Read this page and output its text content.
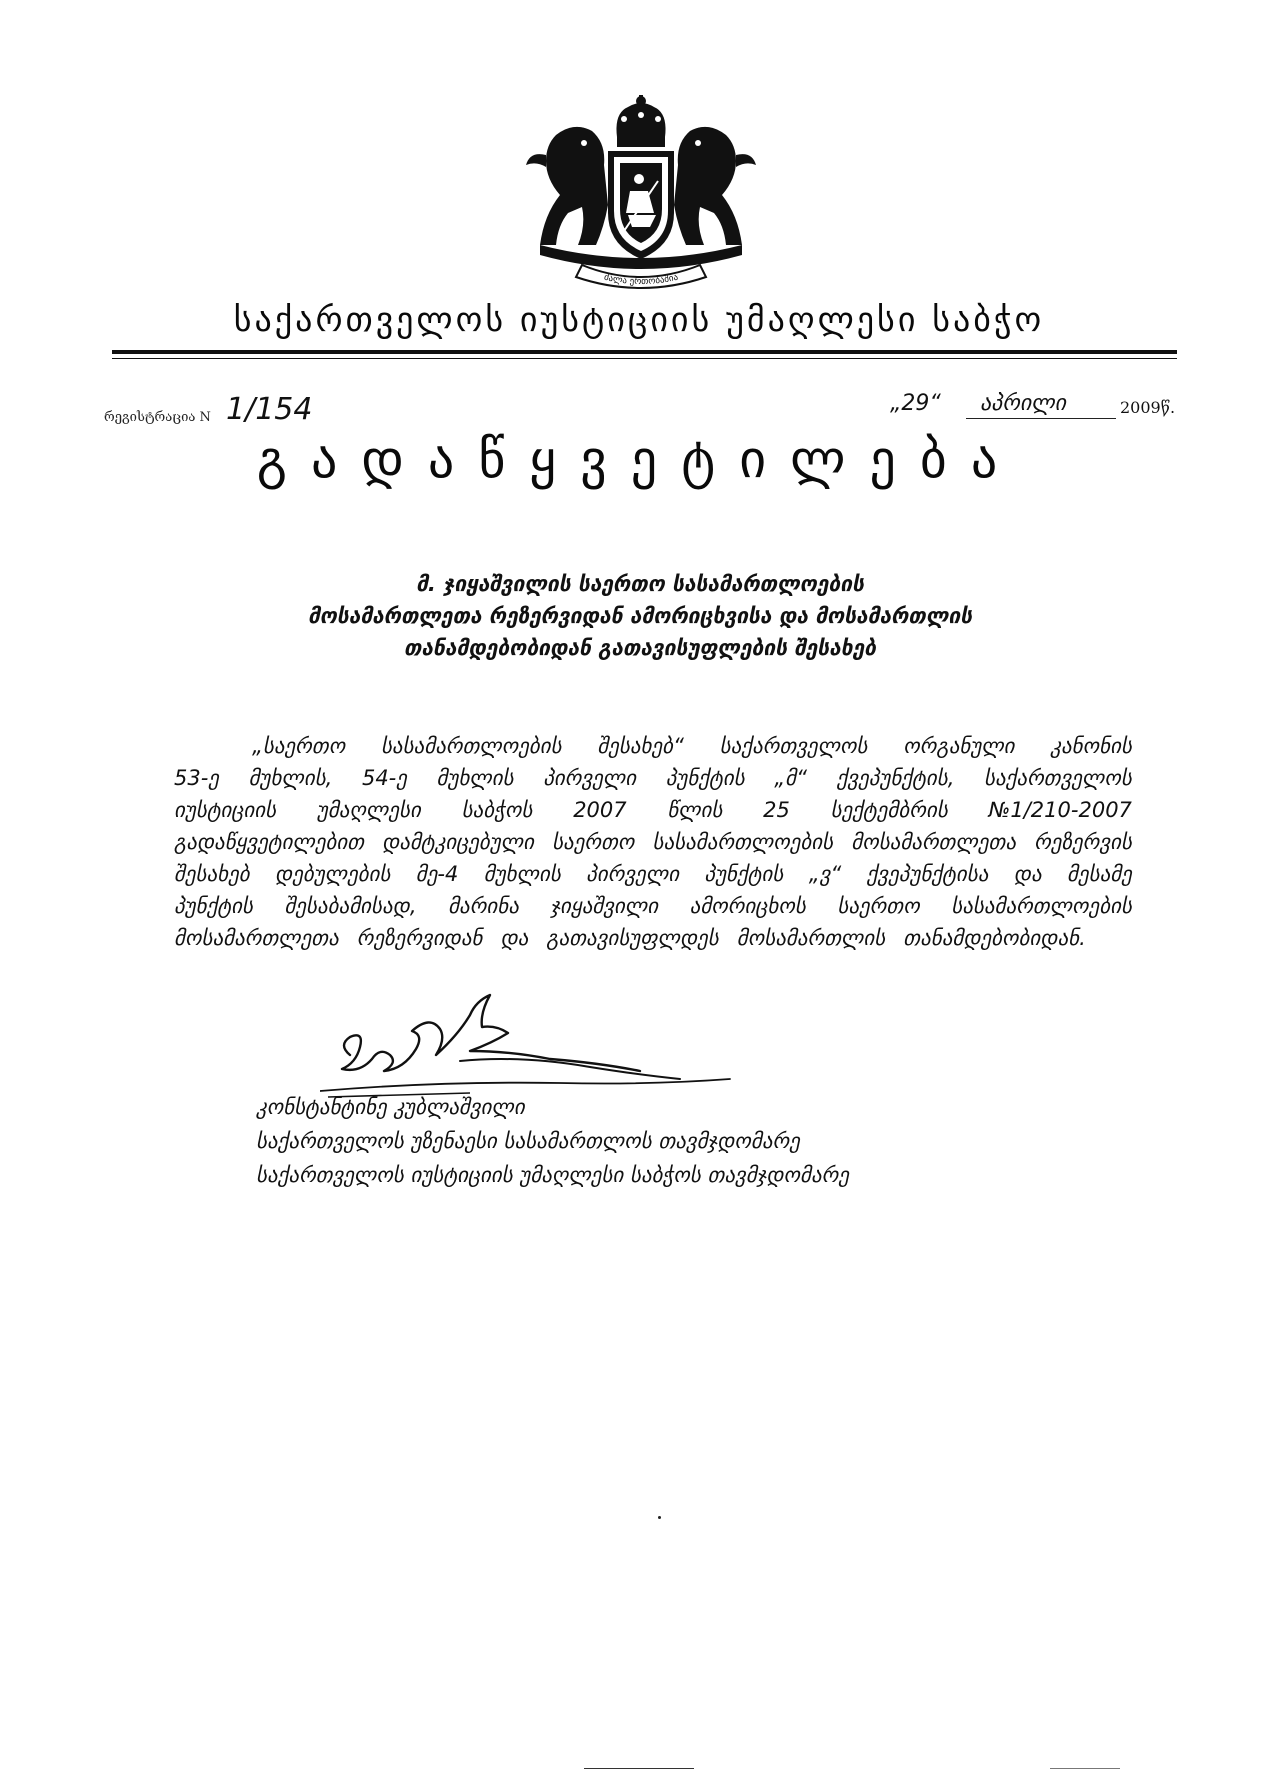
ძალა ერთობაშია
საქართველოს იუსტიციის უმაღლესი საბჭო
რეგისტრაცია N 1/154	„29“ აპრილი	2009წ.
გადაწყვეტილება
მ. ჯიყაშვილის საერთო სასამართლოების
მოსამართლეთა რეზერვიდან ამორიცხვისა და მოსამართლის
თანამდებობიდან გათავისუფლების შესახებ
„საერთო სასამართლოების შესახებ“ საქართველოს ორგანული კანონის
53-ე მუხლის, 54-ე მუხლის პირველი პუნქტის „მ“ ქვეპუნქტის, საქართველოს
იუსტიციის უმაღლესი საბჭოს 2007 წლის 25 სექტემბრის №1/210-2007
გადაწყვეტილებით დამტკიცებული საერთო სასამართლოების მოსამართლეთა რეზერვის
შესახებ დებულების მე-4 მუხლის პირველი პუნქტის „ვ“ ქვეპუნქტისა და მესამე
პუნქტის შესაბამისად, მარინა ჯიყაშვილი ამორიცხოს საერთო სასამართლოების
მოსამართლეთა რეზერვიდან და გათავისუფლდეს მოსამართლის თანამდებობიდან.
კონსტანტინე კუბლაშვილი
საქართველოს უზენაესი სასამართლოს თავმჯდომარე
საქართველოს იუსტიციის უმაღლესი საბჭოს თავმჯდომარე
